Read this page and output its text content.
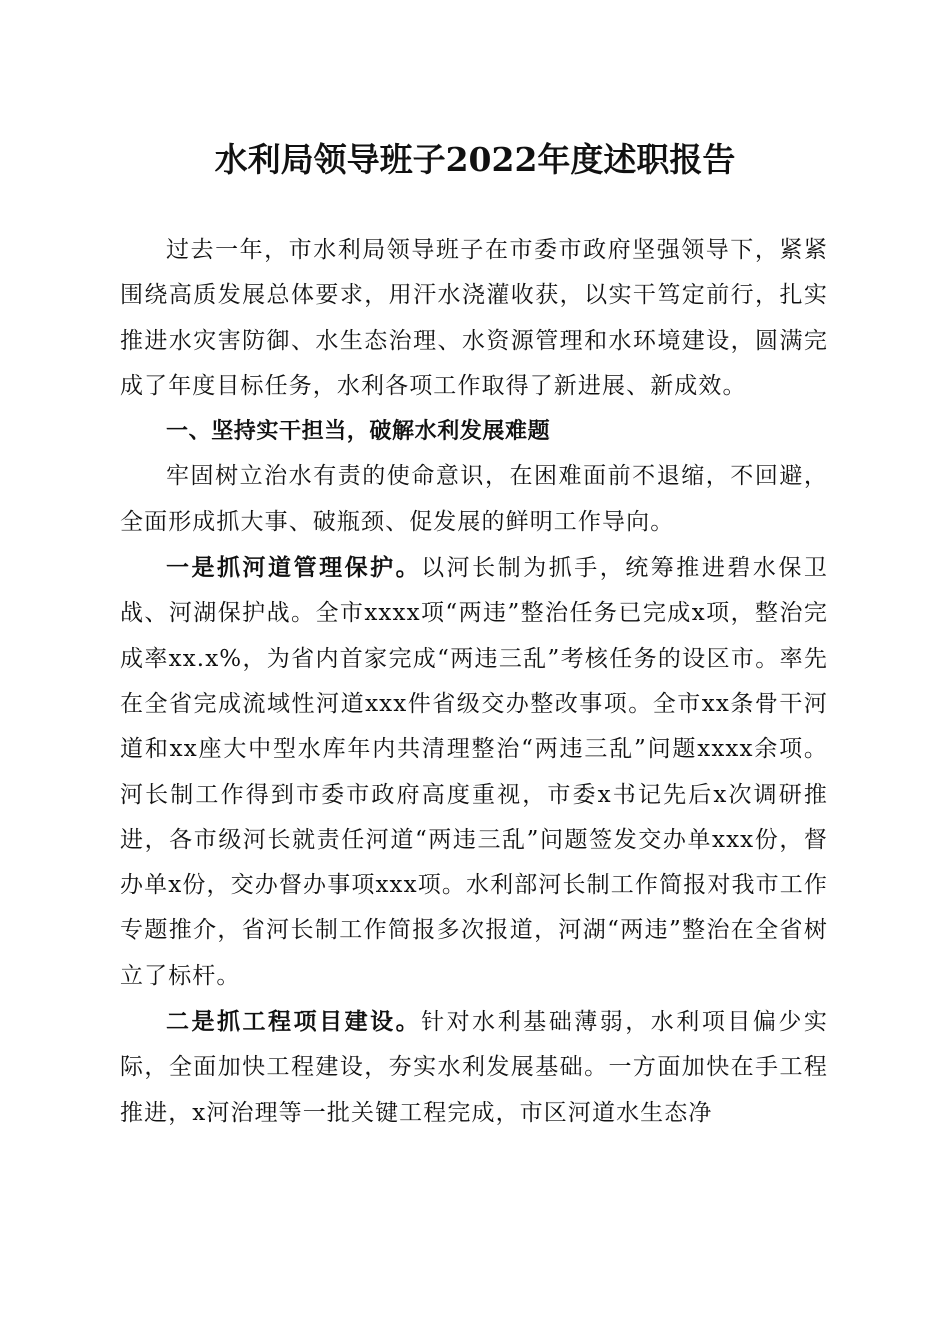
水利局领导班子2022年度述职报告

过去一年，市水利局领导班子在市委市政府坚强领导下，紧紧围绕高质发展总体要求，用汗水浇灌收获，以实干笃定前行，扎实推进水灾害防御、水生态治理、水资源管理和水环境建设，圆满完成了年度目标任务，水利各项工作取得了新进展、新成效。

一、坚持实干担当，破解水利发展难题

牢固树立治水有责的使命意识，在困难面前不退缩，不回避，全面形成抓大事、破瓶颈、促发展的鲜明工作导向。

一是抓河道管理保护。以河长制为抓手，统筹推进碧水保卫战、河湖保护战。全市xxxx项“两违”整治任务已完成x项，整治完成率xx.x%，为省内首家完成“两违三乱”考核任务的设区市。率先在全省完成流域性河道xxx件省级交办整改事项。全市xx条骨干河道和xx座大中型水库年内共清理整治“两违三乱”问题xxxx余项。河长制工作得到市委市政府高度重视，市委x书记先后x次调研推进，各市级河长就责任河道“两违三乱”问题签发交办单xxx份，督办单x份，交办督办事项xxx项。水利部河长制工作简报对我市工作专题推介，省河长制工作简报多次报道，河湖“两违”整治在全省树立了标杆。

二是抓工程项目建设。针对水利基础薄弱，水利项目偏少实际，全面加快工程建设，夯实水利发展基础。一方面加快在手工程推进，x河治理等一批关键工程完成，市区河道水生态净
